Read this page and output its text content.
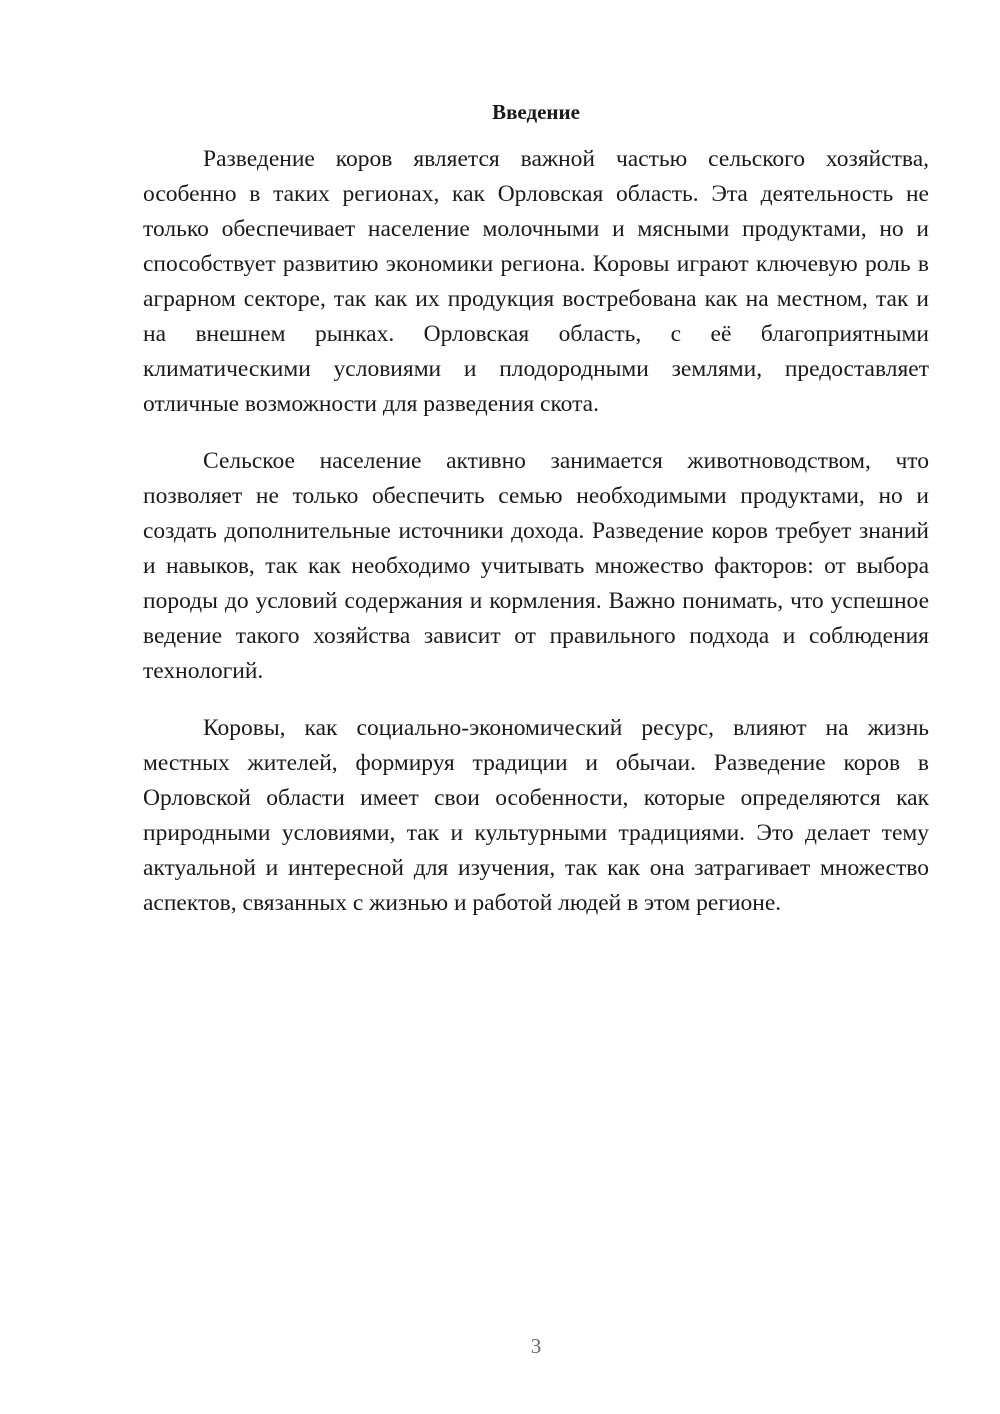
Введение

Разведение коров является важной частью сельского хозяйства, особенно в таких регионах, как Орловская область. Эта деятельность не только обеспечивает население молочными и мясными продуктами, но и способствует развитию экономики региона. Коровы играют ключевую роль в аграрном секторе, так как их продукция востребована как на местном, так и на внешнем рынках. Орловская область, с её благоприятными климатическими условиями и плодородными землями, предоставляет отличные возможности для разведения скота.

Сельское население активно занимается животноводством, что позволяет не только обеспечить семью необходимыми продуктами, но и создать дополнительные источники дохода. Разведение коров требует знаний и навыков, так как необходимо учитывать множество факторов: от выбора породы до условий содержания и кормления. Важно понимать, что успешное ведение такого хозяйства зависит от правильного подхода и соблюдения технологий.

Коровы, как социально-экономический ресурс, влияют на жизнь местных жителей, формируя традиции и обычаи. Разведение коров в Орловской области имеет свои особенности, которые определяются как природными условиями, так и культурными традициями. Это делает тему актуальной и интересной для изучения, так как она затрагивает множество аспектов, связанных с жизнью и работой людей в этом регионе.

3
